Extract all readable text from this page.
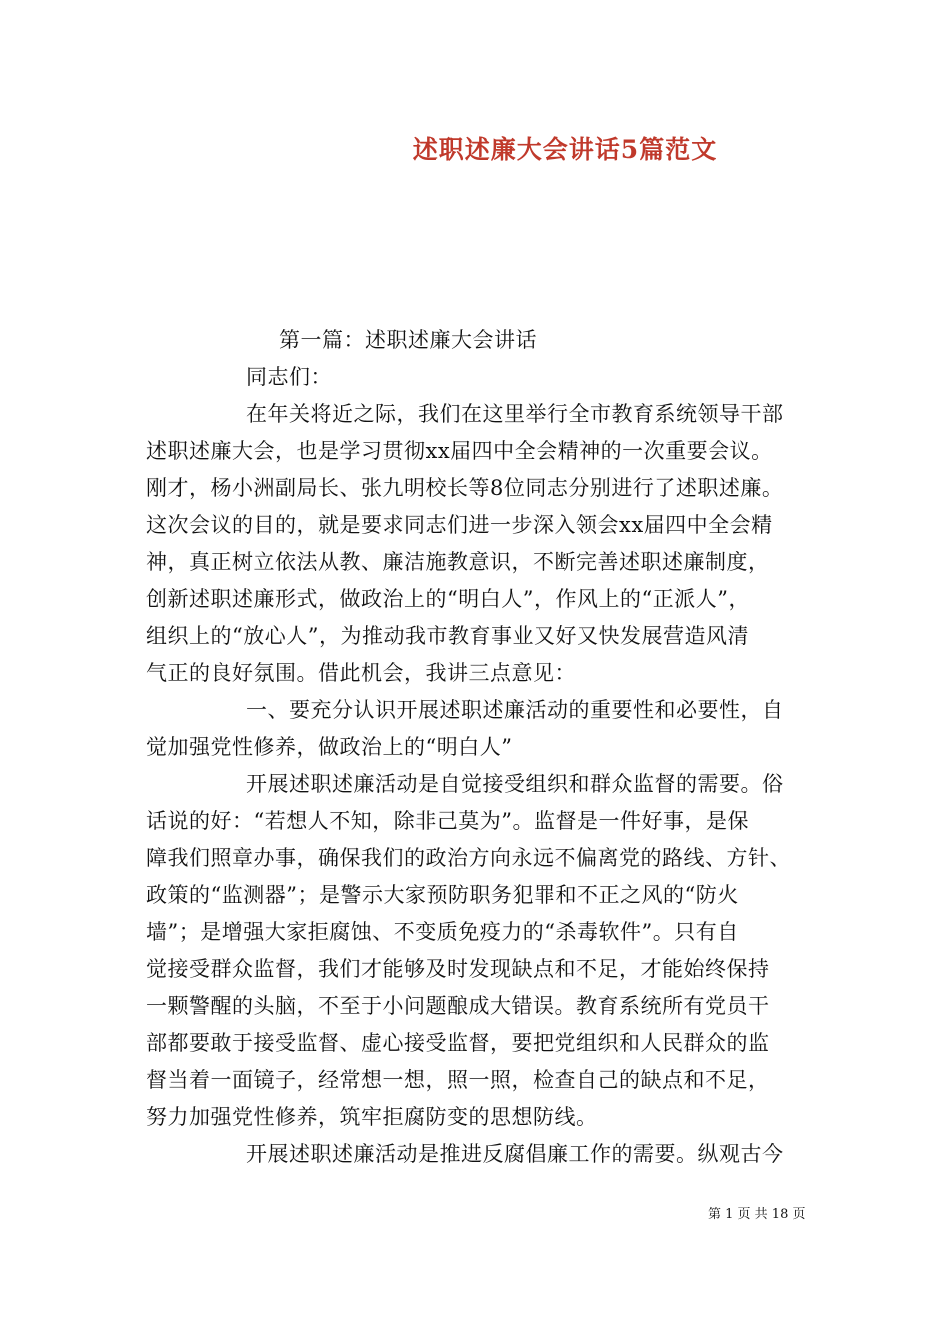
述职述廉大会讲话5篇范文
第一篇：述职述廉大会讲话
同志们：
在年关将近之际，我们在这里举行全市教育系统领导干部
述职述廉大会，也是学习贯彻xx届四中全会精神的一次重要会议。
刚才，杨小洲副局长、张九明校长等8位同志分别进行了述职述廉。
这次会议的目的，就是要求同志们进一步深入领会xx届四中全会精
神，真正树立依法从教、廉洁施教意识，不断完善述职述廉制度，
创新述职述廉形式，做政治上的“明白人”，作风上的“正派人”，
组织上的“放心人”，为推动我市教育事业又好又快发展营造风清
气正的良好氛围。借此机会，我讲三点意见：
一、要充分认识开展述职述廉活动的重要性和必要性，自
觉加强党性修养，做政治上的“明白人”
开展述职述廉活动是自觉接受组织和群众监督的需要。俗
话说的好：“若想人不知，除非己莫为”。监督是一件好事，是保
障我们照章办事，确保我们的政治方向永远不偏离党的路线、方针、
政策的“监测器”；是警示大家预防职务犯罪和不正之风的“防火
墙”；是增强大家拒腐蚀、不变质免疫力的“杀毒软件”。只有自
觉接受群众监督，我们才能够及时发现缺点和不足，才能始终保持
一颗警醒的头脑，不至于小问题酿成大错误。教育系统所有党员干
部都要敢于接受监督、虚心接受监督，要把党组织和人民群众的监
督当着一面镜子，经常想一想，照一照，检查自己的缺点和不足，
努力加强党性修养，筑牢拒腐防变的思想防线。
开展述职述廉活动是推进反腐倡廉工作的需要。纵观古今
第 1 页 共 18 页
